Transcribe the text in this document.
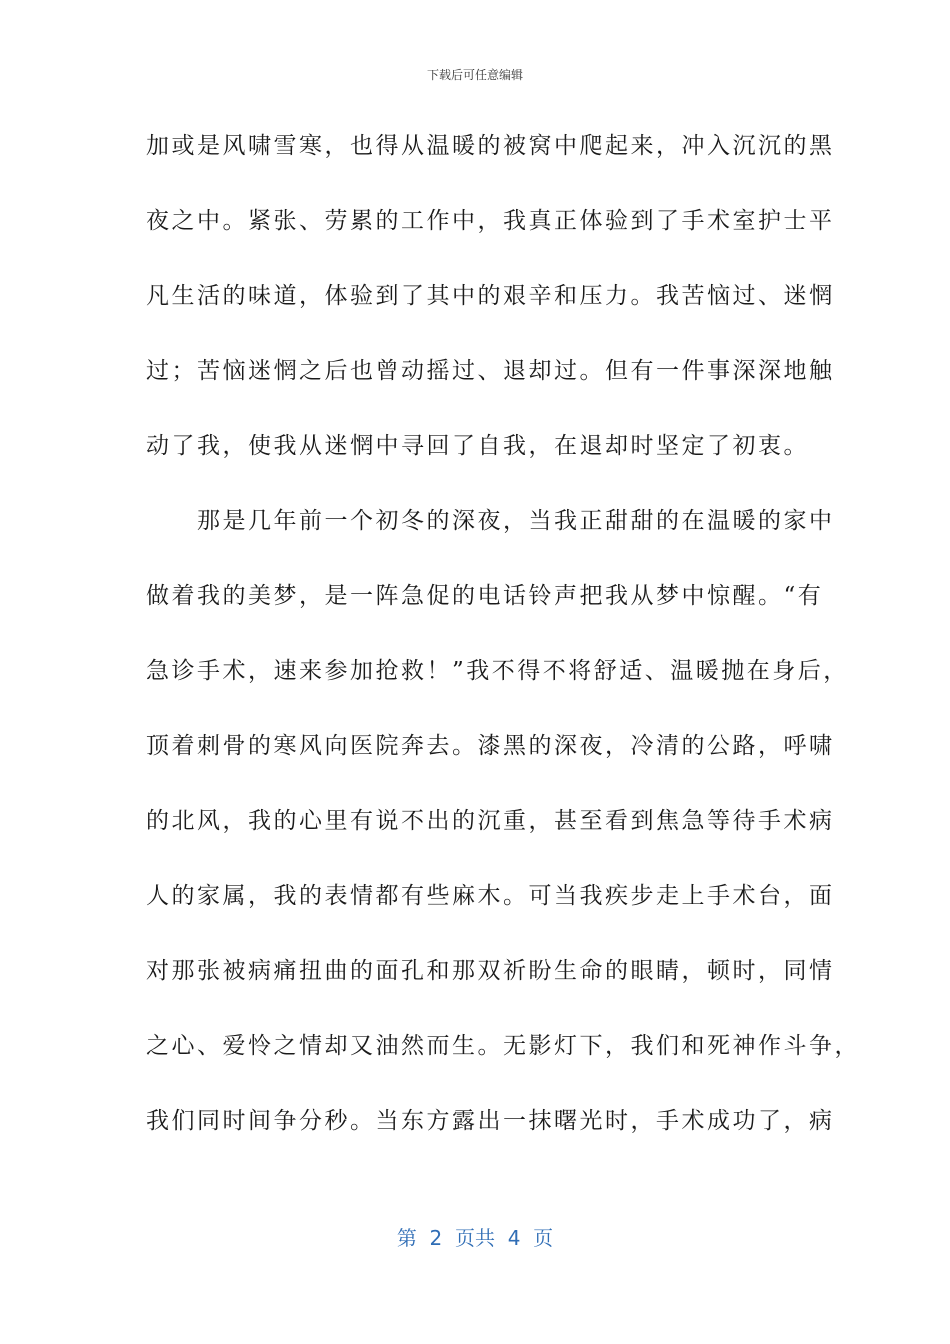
下载后可任意编辑
加或是风啸雪寒，也得从温暖的被窝中爬起来，冲入沉沉的黑
夜之中。紧张、劳累的工作中，我真正体验到了手术室护士平
凡生活的味道，体验到了其中的艰辛和压力。我苦恼过、迷惘
过；苦恼迷惘之后也曾动摇过、退却过。但有一件事深深地触
动了我，使我从迷惘中寻回了自我，在退却时坚定了初衷。
　　那是几年前一个初冬的深夜，当我正甜甜的在温暖的家中
做着我的美梦，是一阵急促的电话铃声把我从梦中惊醒。“有
急诊手术，速来参加抢救！”我不得不将舒适、温暖抛在身后，
顶着刺骨的寒风向医院奔去。漆黑的深夜，冷清的公路，呼啸
的北风，我的心里有说不出的沉重，甚至看到焦急等待手术病
人的家属，我的表情都有些麻木。可当我疾步走上手术台，面
对那张被病痛扭曲的面孔和那双祈盼生命的眼睛，顿时，同情
之心、爱怜之情却又油然而生。无影灯下，我们和死神作斗争，
我们同时间争分秒。当东方露出一抹曙光时，手术成功了，病
第  2  页共  4  页
